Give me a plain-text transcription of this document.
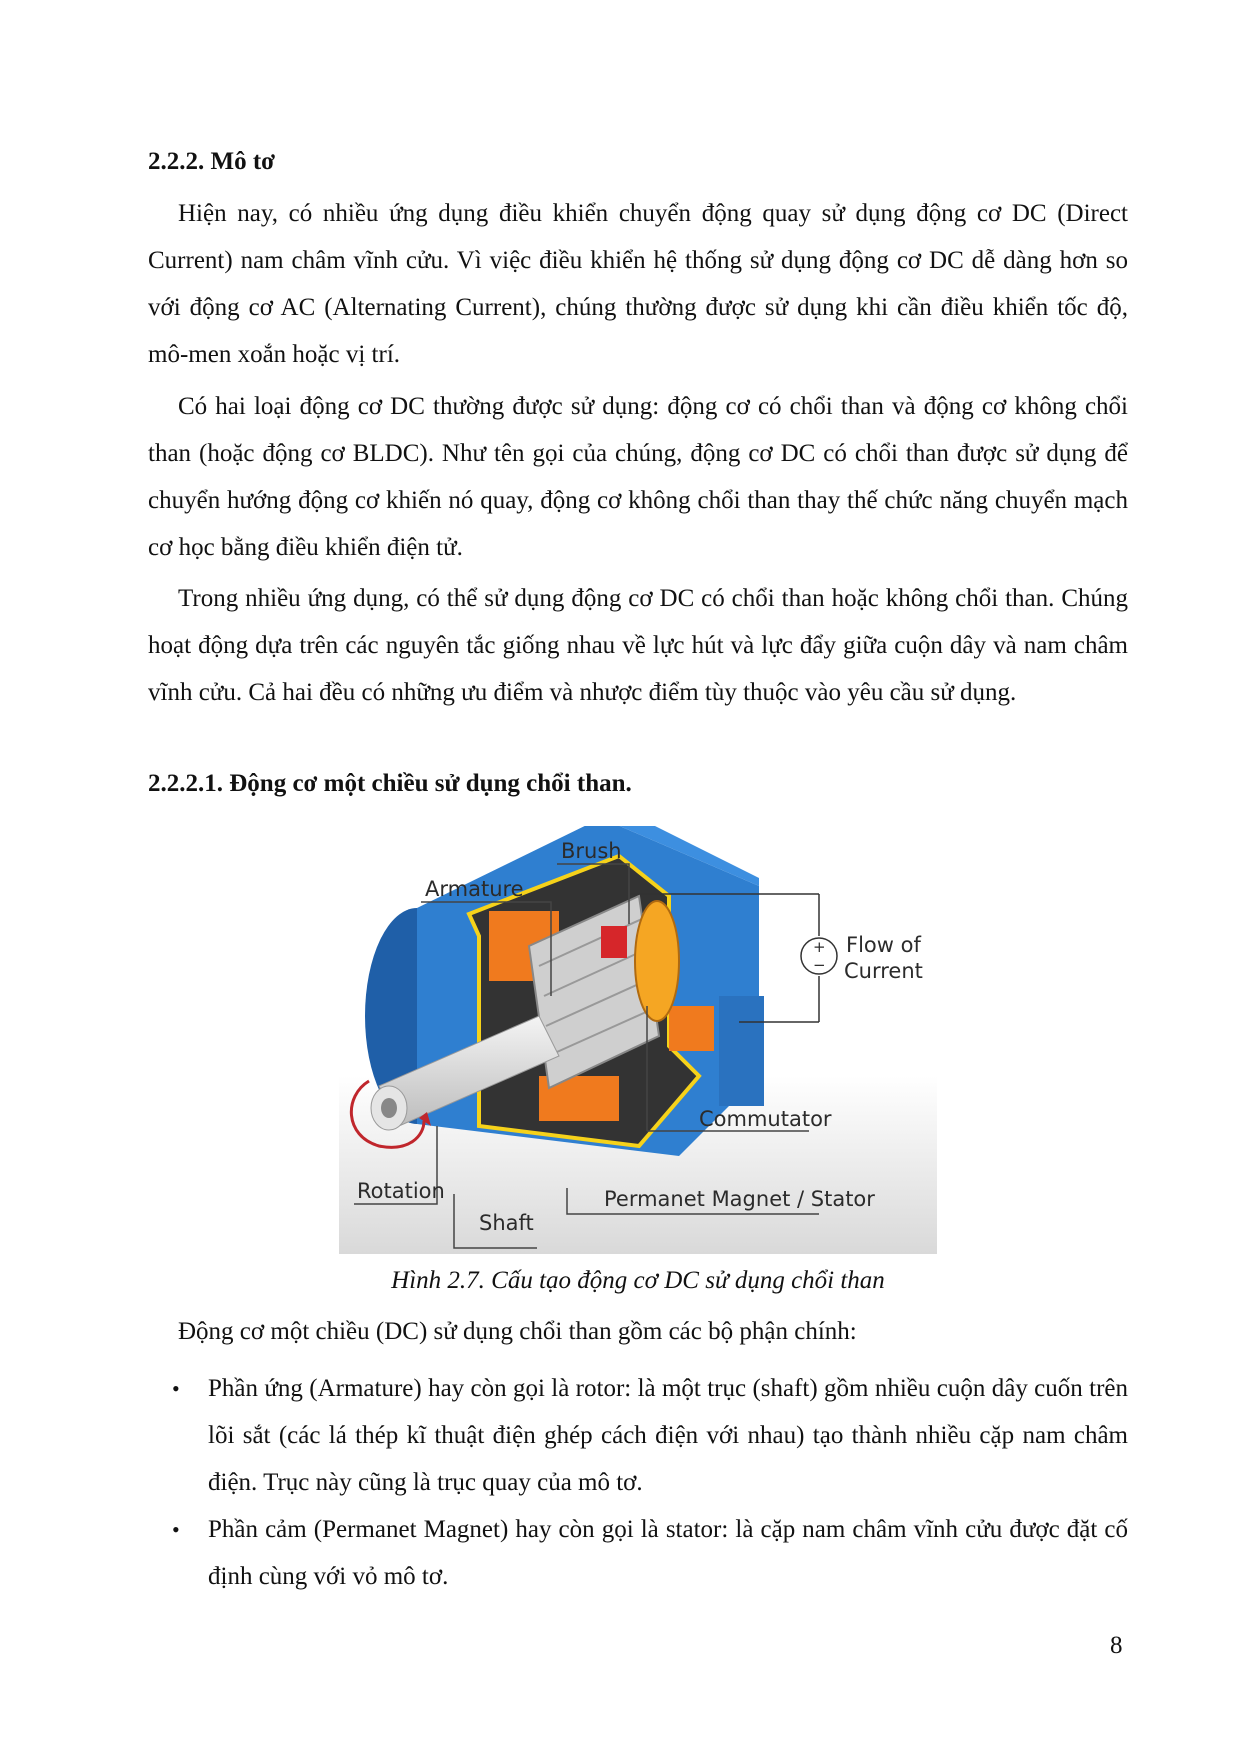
2.2.2. Mô tơ

Hiện nay, có nhiều ứng dụng điều khiển chuyển động quay sử dụng động cơ DC (Direct Current) nam châm vĩnh cửu. Vì việc điều khiển hệ thống sử dụng động cơ DC dễ dàng hơn so với động cơ AC (Alternating Current), chúng thường được sử dụng khi cần điều khiển tốc độ, mô-men xoắn hoặc vị trí.

Có hai loại động cơ DC thường được sử dụng: động cơ có chổi than và động cơ không chổi than (hoặc động cơ BLDC). Như tên gọi của chúng, động cơ DC có chổi than được sử dụng để chuyển hướng động cơ khiến nó quay, động cơ không chổi than thay thế chức năng chuyển mạch cơ học bằng điều khiển điện tử.

Trong nhiều ứng dụng, có thể sử dụng động cơ DC có chổi than hoặc không chổi than. Chúng hoạt động dựa trên các nguyên tắc giống nhau về lực hút và lực đẩy giữa cuộn dây và nam châm vĩnh cửu. Cả hai đều có những ưu điểm và nhược điểm tùy thuộc vào yêu cầu sử dụng.

2.2.2.1. Động cơ một chiều sử dụng chổi than.
+
−
Brush
Armature
Flow of
Current
Commutator
Rotation
Shaft
Permanet Magnet / Stator
Hình 2.7. Cấu tạo động cơ DC sử dụng chổi than
Động cơ một chiều (DC) sử dụng chổi than gồm các bộ phận chính:
• Phần ứng (Armature) hay còn gọi là rotor: là một trục (shaft) gồm nhiều cuộn dây cuốn trên lõi sắt (các lá thép kĩ thuật điện ghép cách điện với nhau) tạo thành nhiều cặp nam châm điện. Trục này cũng là trục quay của mô tơ.
• Phần cảm (Permanet Magnet) hay còn gọi là stator: là cặp nam châm vĩnh cửu được đặt cố định cùng với vỏ mô tơ.
8
